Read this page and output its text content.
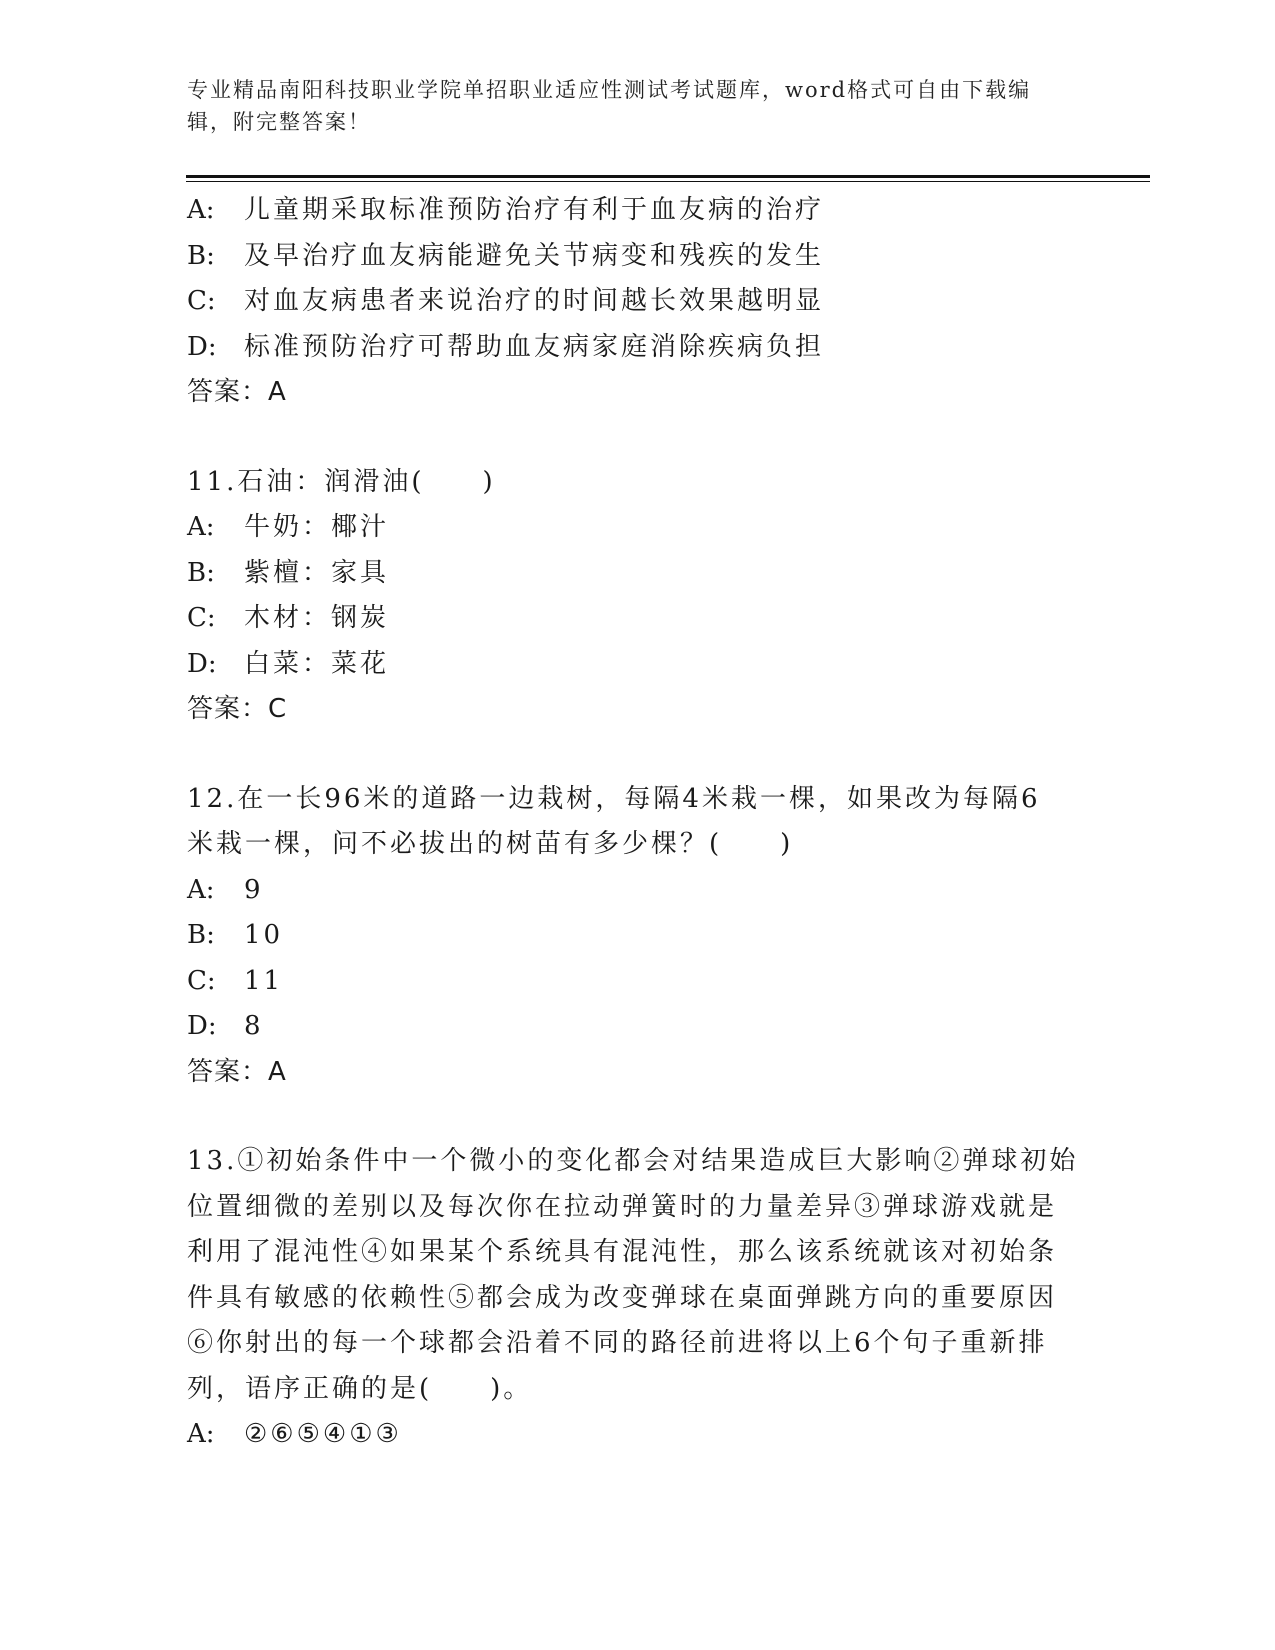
专业精品南阳科技职业学院单招职业适应性测试考试题库，word格式可自由下载编辑，附完整答案！
A: 儿童期采取标准预防治疗有利于血友病的治疗
B: 及早治疗血友病能避免关节病变和残疾的发生
C: 对血友病患者来说治疗的时间越长效果越明显
D: 标准预防治疗可帮助血友病家庭消除疾病负担
答案：A
11.石油：润滑油(　　)
A: 牛奶：椰汁
B: 紫檀：家具
C: 木材：钢炭
D: 白菜：菜花
答案：C
12.在一长96米的道路一边栽树，每隔4米栽一棵，如果改为每隔6
米栽一棵，问不必拔出的树苗有多少棵？(　　)
A: 9
B: 10
C: 11
D: 8
答案：A
13.①初始条件中一个微小的变化都会对结果造成巨大影响②弹球初始
位置细微的差别以及每次你在拉动弹簧时的力量差异③弹球游戏就是
利用了混沌性④如果某个系统具有混沌性，那么该系统就该对初始条
件具有敏感的依赖性⑤都会成为改变弹球在桌面弹跳方向的重要原因
⑥你射出的每一个球都会沿着不同的路径前进将以上6个句子重新排
列，语序正确的是(　　)。
A: ②⑥⑤④①③
